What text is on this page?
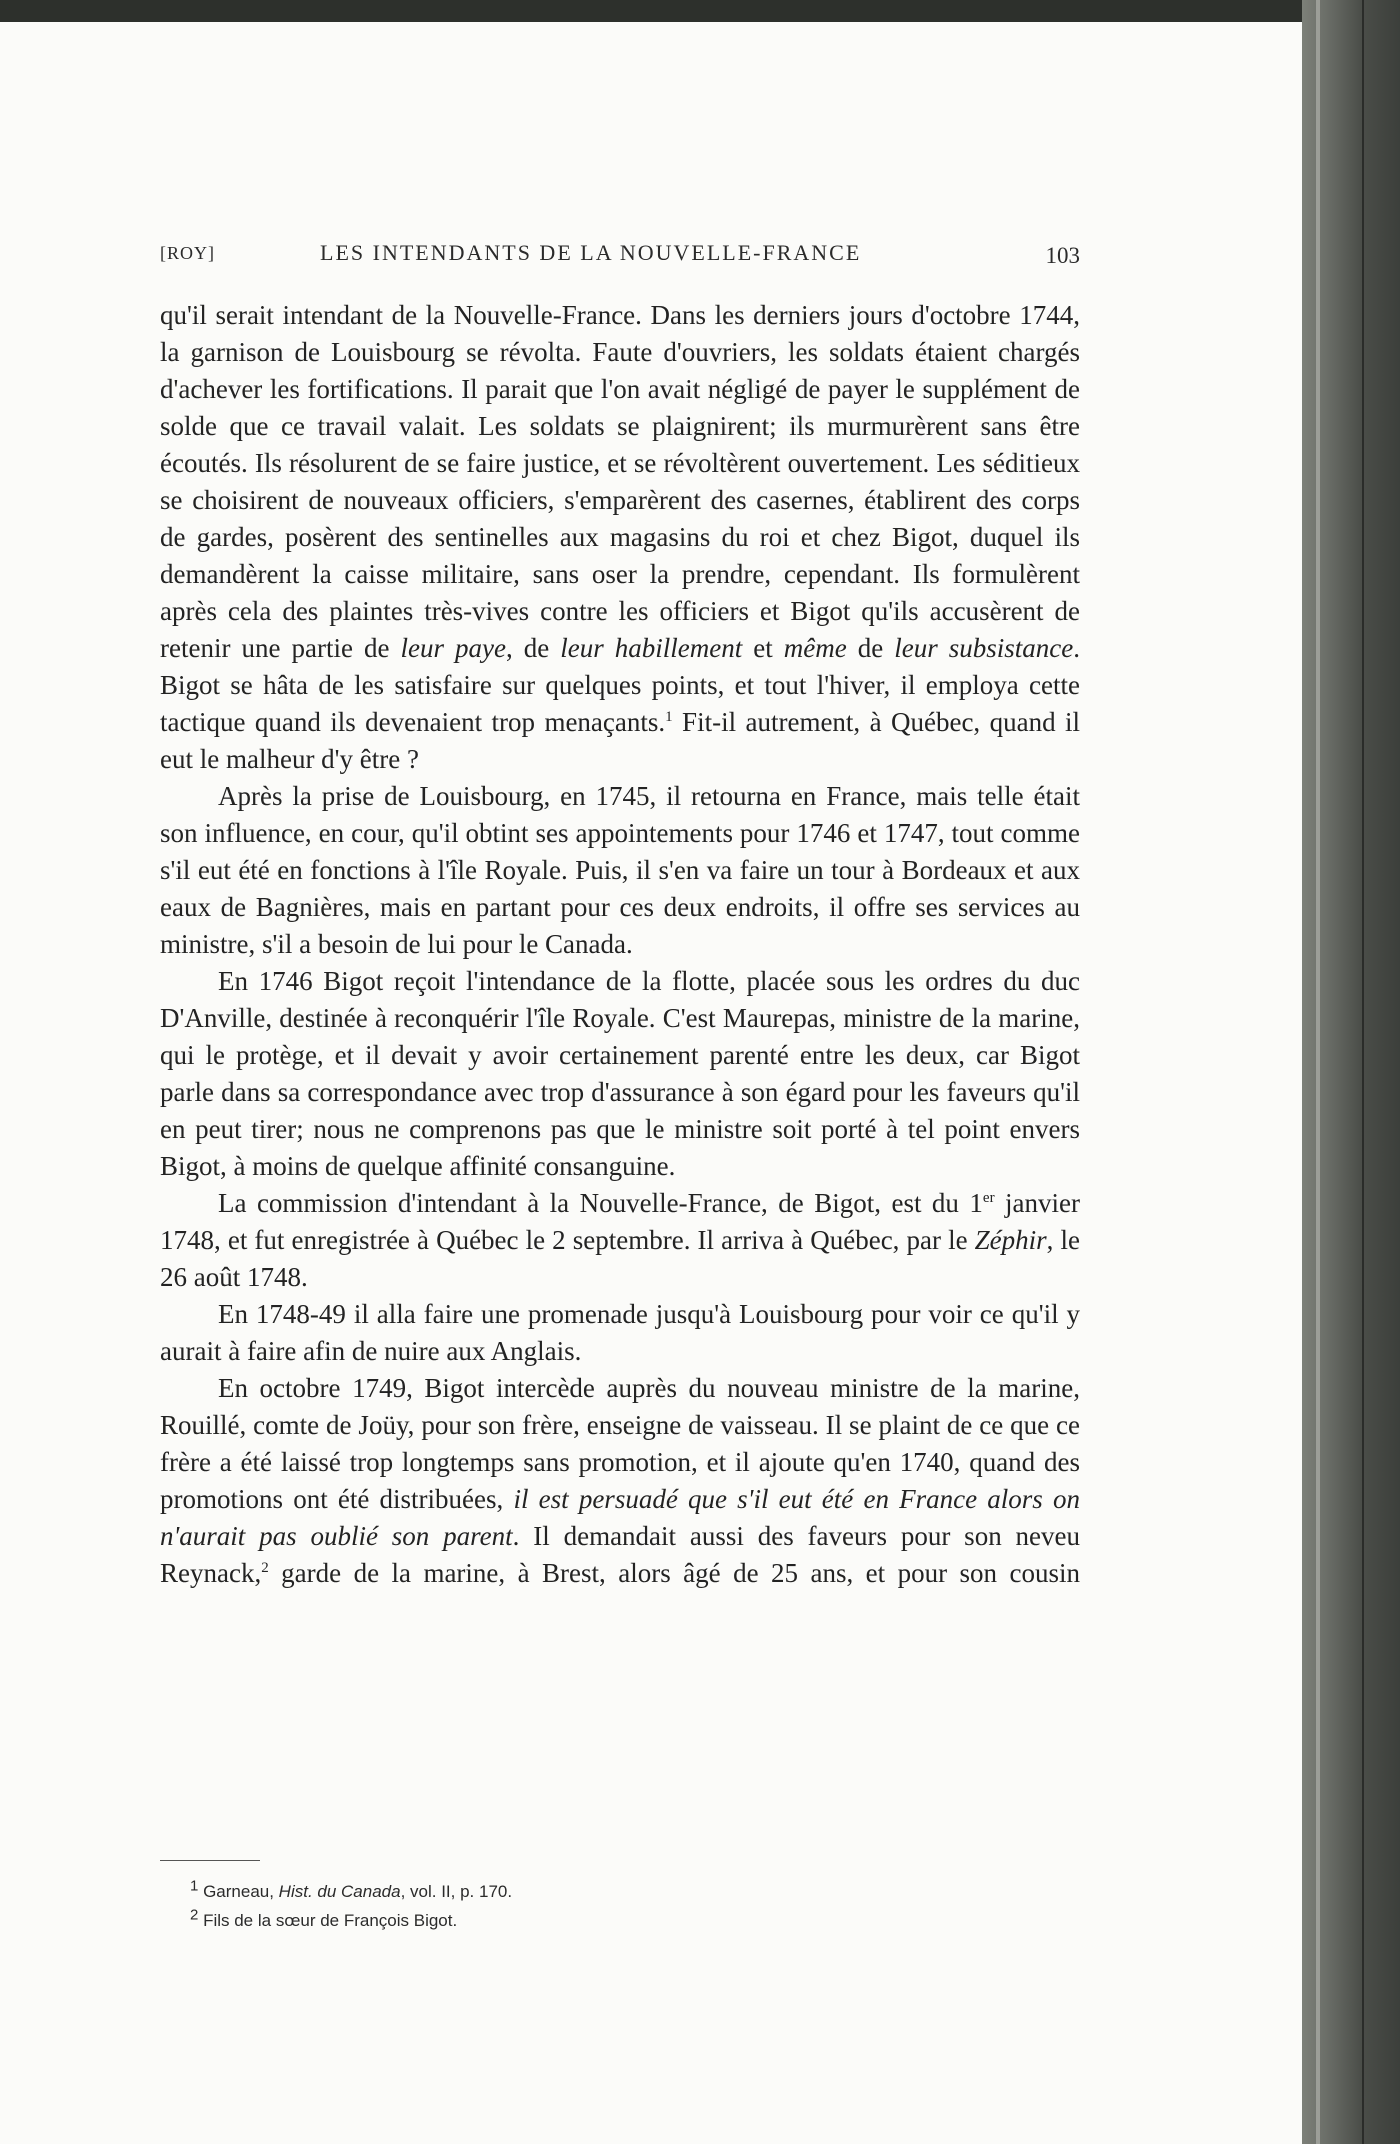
[ROY]	LES INTENDANTS DE LA NOUVELLE-FRANCE	103

qu'il serait intendant de la Nouvelle-France. Dans les derniers jours d'octobre 1744, la garnison de Louisbourg se révolta. Faute d'ouvriers, les soldats étaient chargés d'achever les fortifications. Il parait que l'on avait négligé de payer le supplément de solde que ce travail valait. Les soldats se plaignirent; ils murmurèrent sans être écoutés. Ils résolurent de se faire justice, et se révoltèrent ouvertement. Les séditieux se choisirent de nouveaux officiers, s'emparèrent des casernes, établirent des corps de gardes, posèrent des sentinelles aux magasins du roi et chez Bigot, duquel ils demandèrent la caisse militaire, sans oser la prendre, cependant. Ils formulèrent après cela des plaintes très-vives contre les officiers et Bigot qu'ils accusèrent de retenir une partie de leur paye, de leur habillement et même de leur subsistance. Bigot se hâta de les satisfaire sur quelques points, et tout l'hiver, il employa cette tactique quand ils devenaient trop menaçants.$^1$ Fit-il autrement, à Québec, quand il eut le malheur d'y être ?

Après la prise de Louisbourg, en 1745, il retourna en France, mais telle était son influence, en cour, qu'il obtint ses appointements pour 1746 et 1747, tout comme s'il eut été en fonctions à l'île Royale. Puis, il s'en va faire un tour à Bordeaux et aux eaux de Bagnières, mais en partant pour ces deux endroits, il offre ses services au ministre, s'il a besoin de lui pour le Canada.

En 1746 Bigot reçoit l'intendance de la flotte, placée sous les ordres du duc D'Anville, destinée à reconquérir l'île Royale. C'est Maurepas, ministre de la marine, qui le protège, et il devait y avoir certainement parenté entre les deux, car Bigot parle dans sa correspondance avec trop d'assurance à son égard pour les faveurs qu'il en peut tirer; nous ne comprenons pas que le ministre soit porté à tel point envers Bigot, à moins de quelque affinité consanguine.

La commission d'intendant à la Nouvelle-France, de Bigot, est du 1er janvier 1748, et fut enregistrée à Québec le 2 septembre. Il arriva à Québec, par le Zéphir, le 26 août 1748.

En 1748-49 il alla faire une promenade jusqu'à Louisbourg pour voir ce qu'il y aurait à faire afin de nuire aux Anglais.

En octobre 1749, Bigot intercède auprès du nouveau ministre de la marine, Rouillé, comte de Joüy, pour son frère, enseigne de vaisseau. Il se plaint de ce que ce frère a été laissé trop longtemps sans promotion, et il ajoute qu'en 1740, quand des promotions ont été distribuées, il est persuadé que s'il eut été en France alors on n'aurait pas oublié son parent. Il demandait aussi des faveurs pour son neveu Reynack,$^2$ garde de la marine, à Brest, alors âgé de 25 ans, et pour son cousin

$^1$ Garneau, Hist. du Canada, vol. II, p. 170.
$^2$ Fils de la sœur de François Bigot.
